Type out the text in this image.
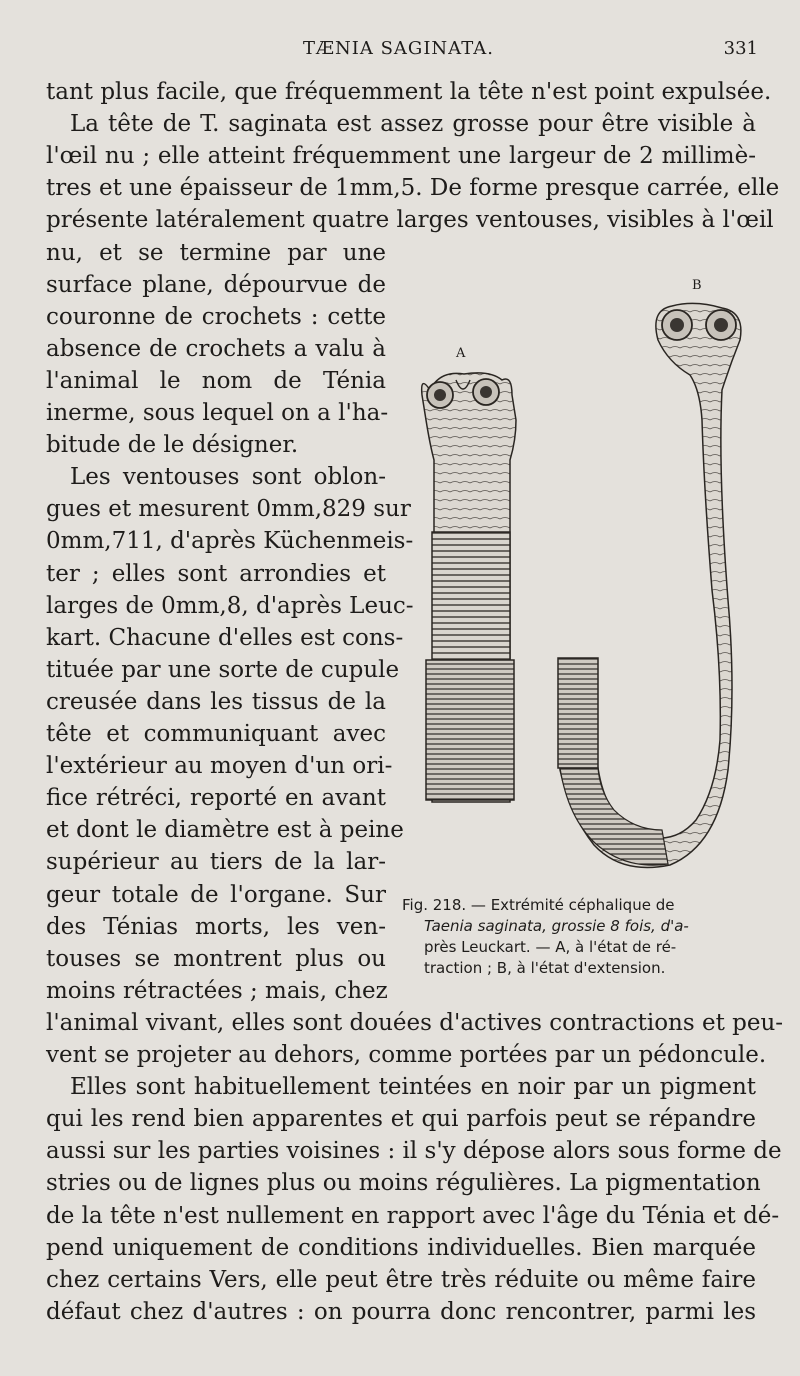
TÆNIA SAGINATA.	331
tant plus facile, que fréquemment la tête n'est point expulsée.
La tête de T. saginata est assez grosse pour être visible à
l'œil nu ; elle atteint fréquemment une largeur de 2 millimè-
tres et une épaisseur de 1mm,5. De forme presque carrée, elle
présente latéralement quatre larges ventouses, visibles à l'œil
nu, et se termine par une
surface plane, dépourvue de
couronne de crochets : cette
absence de crochets a valu à
l'animal le nom de Ténia
inerme, sous lequel on a l'ha-
bitude de le désigner.
Les ventouses sont oblon-
gues et mesurent 0mm,829 sur
0mm,711, d'après Küchenmeis-
ter ; elles sont arrondies et
larges de 0mm,8, d'après Leuc-
kart. Chacune d'elles est cons-
tituée par une sorte de cupule
creusée dans les tissus de la
tête et communiquant avec
l'extérieur au moyen d'un ori-
fice rétréci, reporté en avant
et dont le diamètre est à peine
supérieur au tiers de la lar-
geur totale de l'organe. Sur
des Ténias morts, les ven-
touses se montrent plus ou
moins rétractées ; mais, chez
l'animal vivant, elles sont douées d'actives contractions et peu-
vent se projeter au dehors, comme portées par un pédoncule.
Elles sont habituellement teintées en noir par un pigment
qui les rend bien apparentes et qui parfois peut se répandre
aussi sur les parties voisines : il s'y dépose alors sous forme de
stries ou de lignes plus ou moins régulières. La pigmentation
de la tête n'est nullement en rapport avec l'âge du Ténia et dé-
pend uniquement de conditions individuelles. Bien marquée
chez certains Vers, elle peut être très réduite ou même faire
défaut chez d'autres : on pourra donc rencontrer, parmi les
A
B
Fig. 218. — Extrémité céphalique de
Taenia saginata, grossie 8 fois, d'a-
près Leuckart. — A, à l'état de ré-
traction ; B, à l'état d'extension.
